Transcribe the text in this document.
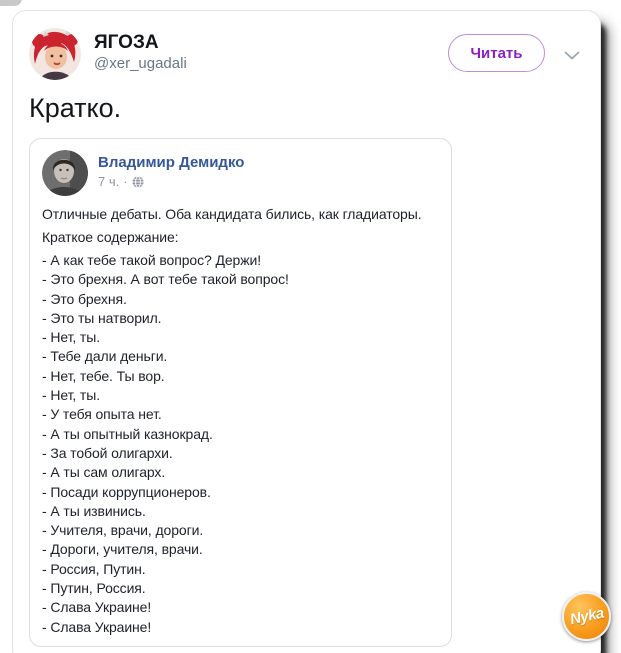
ЯГОЗА
@xer_ugadali
Читать
Кратко.
Владимир Демидко
7 ч. ·
Отличные дебаты. Оба кандидата бились, как гладиаторы.
Краткое содержание:
- А как тебе такой вопрос? Держи!
- Это брехня. А вот тебе такой вопрос!
- Это брехня.
- Это ты натворил.
- Нет, ты.
- Тебе дали деньги.
- Нет, тебе. Ты вор.
- Нет, ты.
- У тебя опыта нет.
- А ты опытный казнокрад.
- За тобой олигархи.
- А ты сам олигарх.
- Посади коррупционеров.
- А ты извинись.
- Учителя, врачи, дороги.
- Дороги, учителя, врачи.
- Россия, Путин.
- Путин, Россия.
- Слава Украине!
- Слава Украине!	Nyka
